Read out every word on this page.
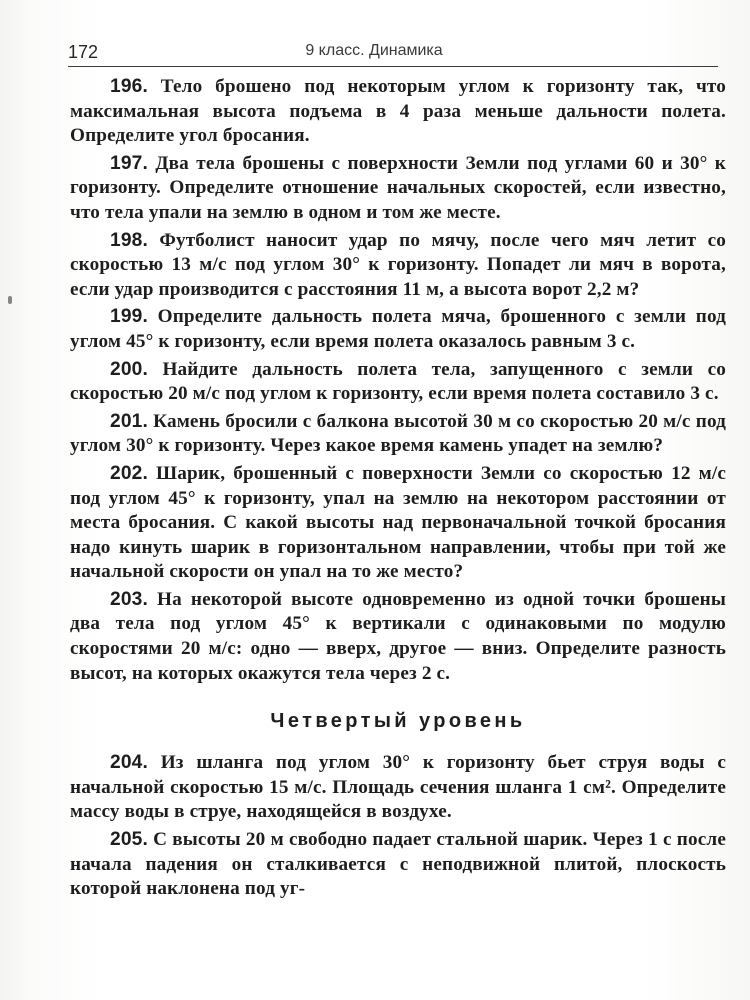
172	9 класс. Динамика

196. Тело брошено под некоторым углом к горизонту так, что максимальная высота подъема в 4 раза меньше дальности полета. Определите угол бросания.

197. Два тела брошены с поверхности Земли под углами 60 и 30° к горизонту. Определите отношение начальных скоростей, если известно, что тела упали на землю в одном и том же месте.

198. Футболист наносит удар по мячу, после чего мяч летит со скоростью 13 м/с под углом 30° к горизонту. Попадет ли мяч в ворота, если удар производится с расстояния 11 м, а высота ворот 2,2 м?

199. Определите дальность полета мяча, брошенного с земли под углом 45° к горизонту, если время полета оказалось равным 3 с.

200. Найдите дальность полета тела, запущенного с земли со скоростью 20 м/с под углом к горизонту, если время полета составило 3 с.

201. Камень бросили с балкона высотой 30 м со скоростью 20 м/с под углом 30° к горизонту. Через какое время камень упадет на землю?

202. Шарик, брошенный с поверхности Земли со скоростью 12 м/с под углом 45° к горизонту, упал на землю на некотором расстоянии от места бросания. С какой высоты над первоначальной точкой бросания надо кинуть шарик в горизонтальном направлении, чтобы при той же начальной скорости он упал на то же место?

203. На некоторой высоте одновременно из одной точки брошены два тела под углом 45° к вертикали с одинаковыми по модулю скоростями 20 м/с: одно — вверх, другое — вниз. Определите разность высот, на которых окажутся тела через 2 с.

Четвертый уровень

204. Из шланга под углом 30° к горизонту бьет струя воды с начальной скоростью 15 м/с. Площадь сечения шланга 1 см². Определите массу воды в струе, находящейся в воздухе.

205. С высоты 20 м свободно падает стальной шарик. Через 1 с после начала падения он сталкивается с неподвижной плитой, плоскость которой наклонена под уг-
